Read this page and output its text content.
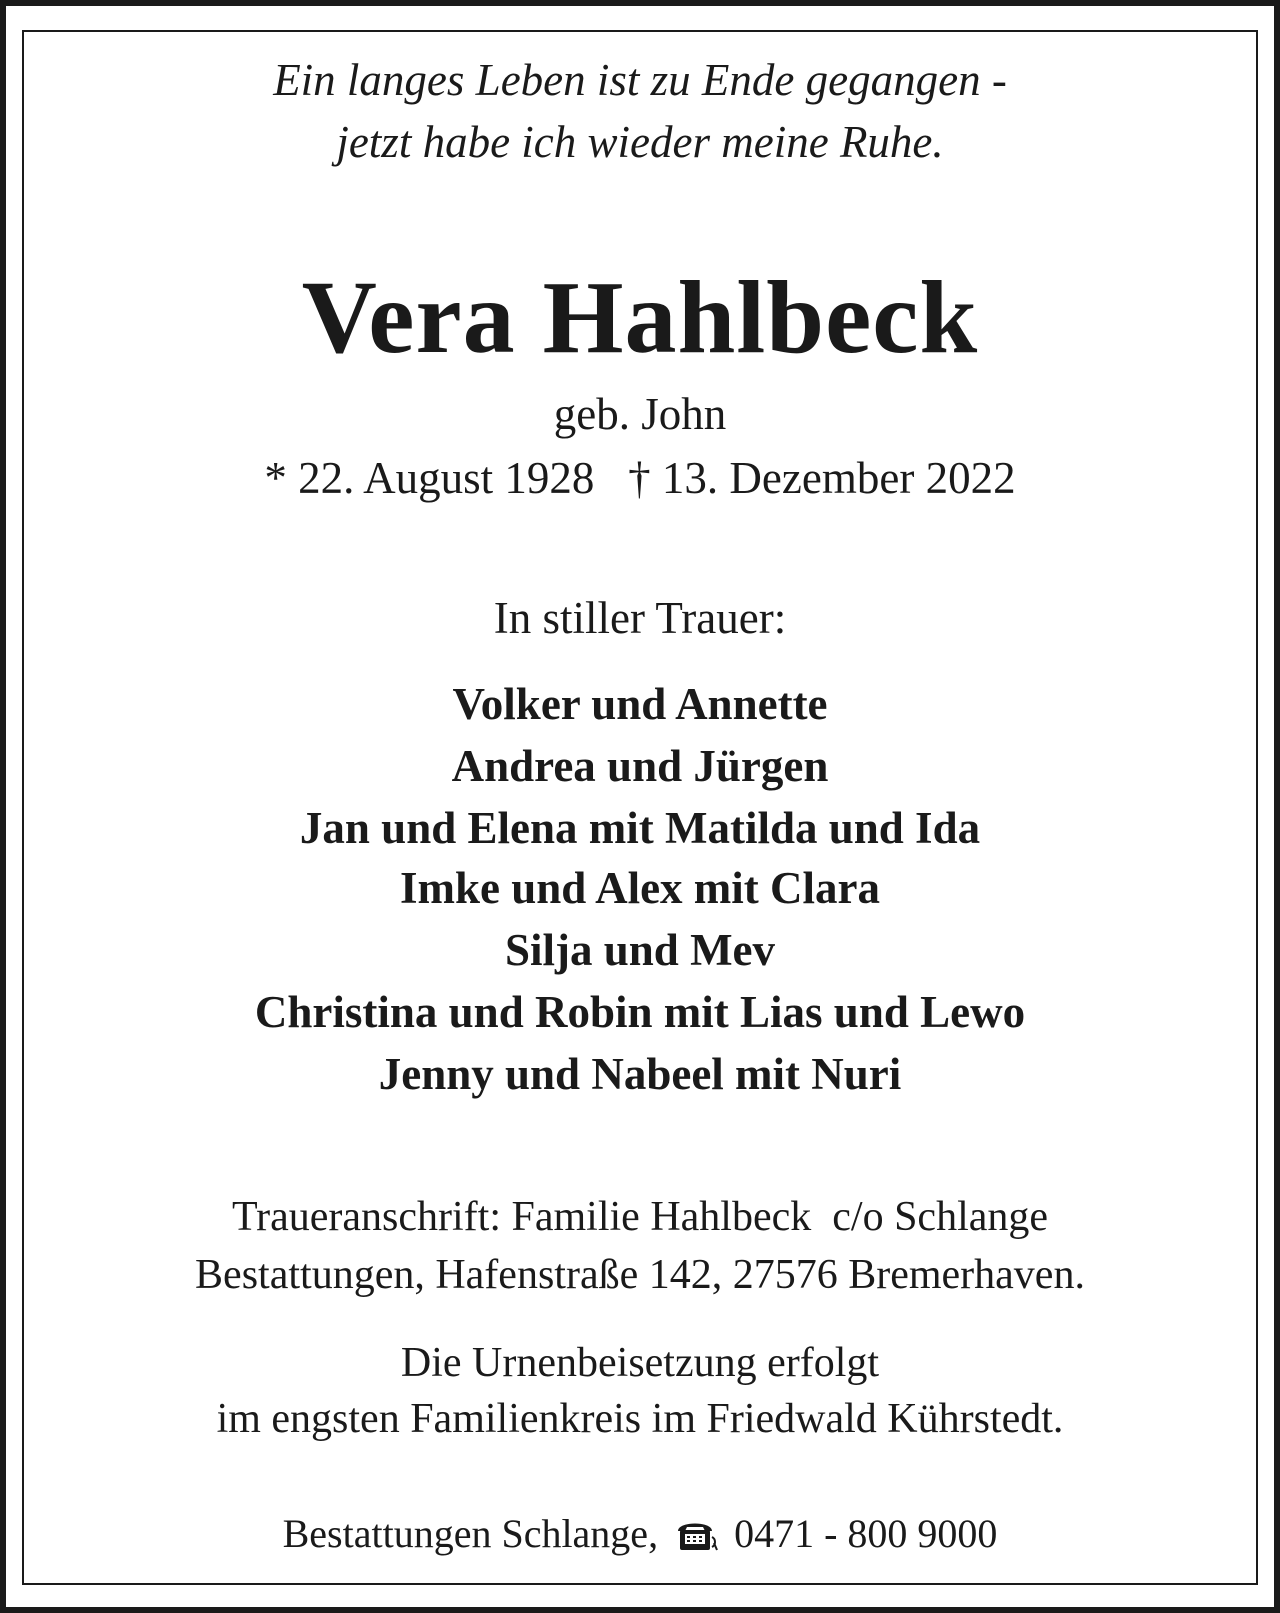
Ein langes Leben ist zu Ende gegangen -
jetzt habe ich wieder meine Ruhe.
Vera Hahlbeck
geb. John
* 22. August 1928   † 13. Dezember 2022
In stiller Trauer:
Volker und Annette
Andrea und Jürgen
Jan und Elena mit Matilda und Ida
Imke und Alex mit Clara
Silja und Mev
Christina und Robin mit Lias und Lewo
Jenny und Nabeel mit Nuri
Traueranschrift: Familie Hahlbeck  c/o Schlange
Bestattungen, Hafenstraße 142, 27576 Bremerhaven.
Die Urnenbeisetzung erfolgt
im engsten Familienkreis im Friedwald Kührstedt.
Bestattungen Schlange, 0471 - 800 9000
